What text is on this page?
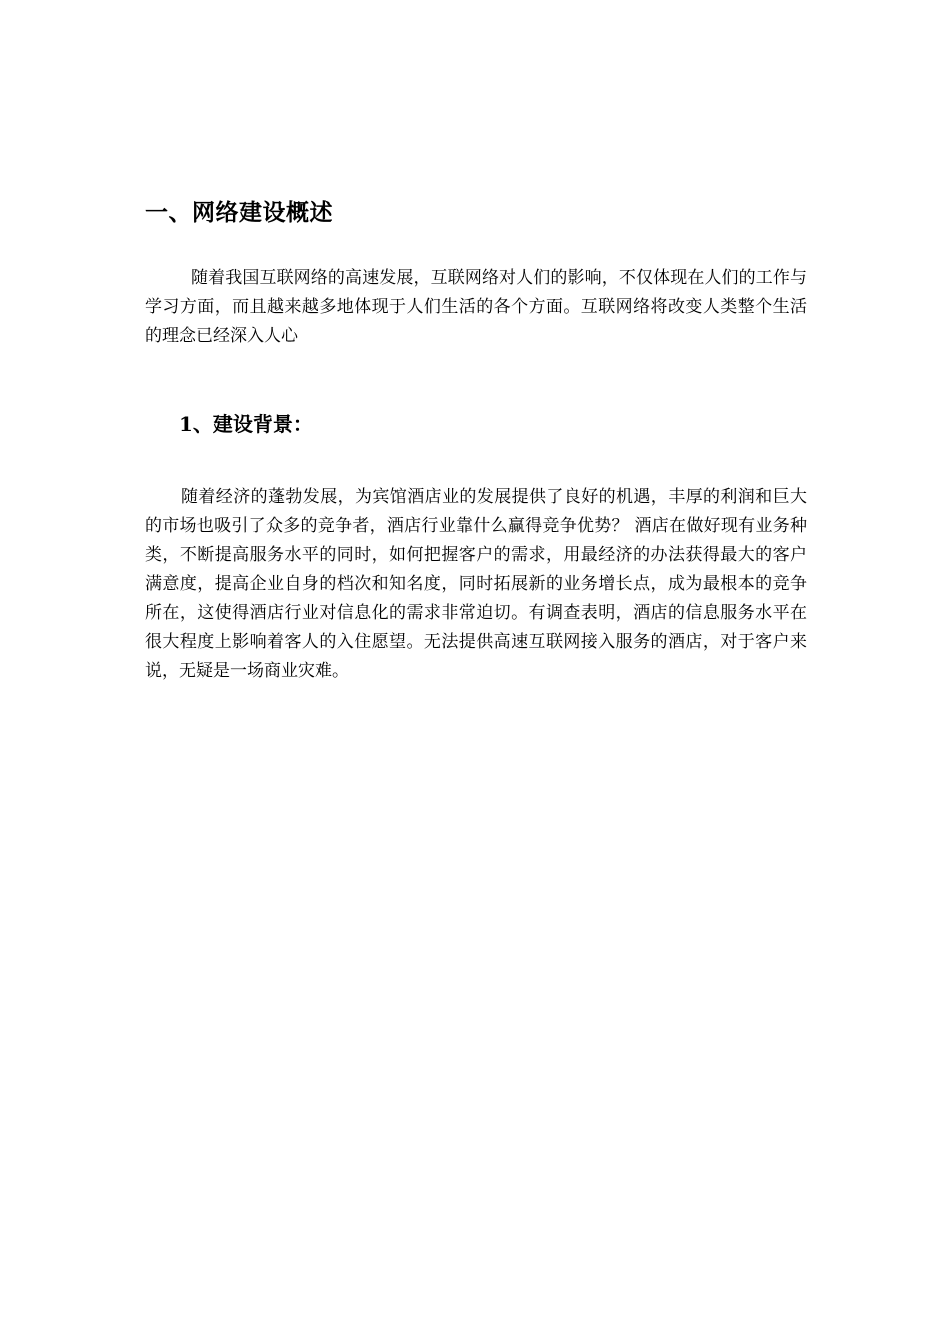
一、网络建设概述

随着我国互联网络的高速发展，互联网络对人们的影响，不仅体现在人们的工作与学习方面，而且越来越多地体现于人们生活的各个方面。互联网络将改变人类整个生活的理念已经深入人心

1、建设背景：

随着经济的蓬勃发展，为宾馆酒店业的发展提供了良好的机遇，丰厚的利润和巨大的市场也吸引了众多的竞争者，酒店行业靠什么赢得竞争优势？ 酒店在做好现有业务种类，不断提高服务水平的同时，如何把握客户的需求，用最经济的办法获得最大的客户满意度，提高企业自身的档次和知名度，同时拓展新的业务增长点，成为最根本的竞争所在，这使得酒店行业对信息化的需求非常迫切。有调查表明，酒店的信息服务水平在很大程度上影响着客人的入住愿望。无法提供高速互联网接入服务的酒店，对于客户来说，无疑是一场商业灾难。
